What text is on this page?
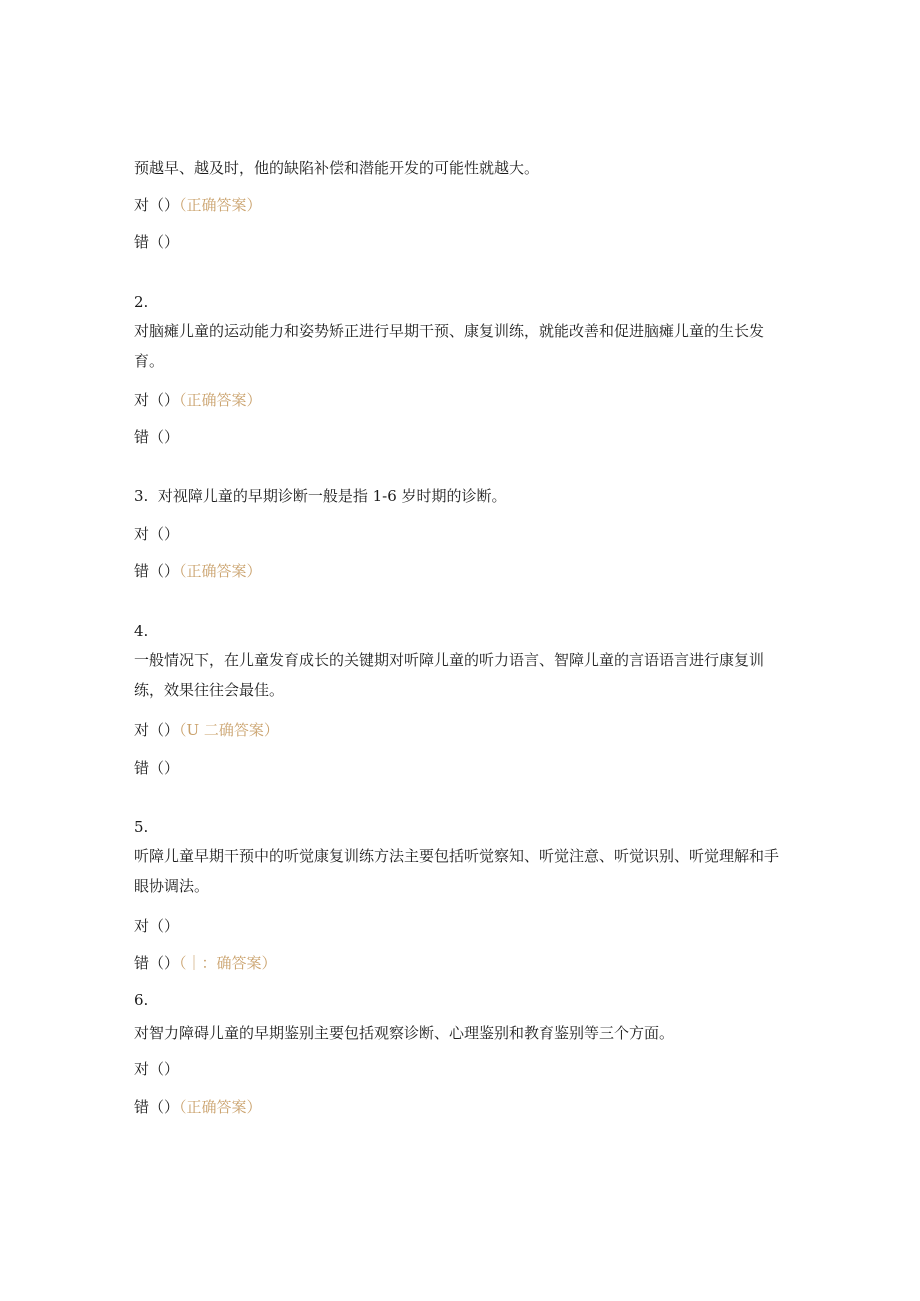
预越早、越及时，他的缺陷补偿和潜能开发的可能性就越大。
对（）（正确答案）
错（）
2.
对脑瘫儿童的运动能力和姿势矫正进行早期干预、康复训练，就能改善和促进脑瘫儿童的生长发育。
对（）（正确答案）
错（）
3. 对视障儿童的早期诊断一般是指 1-6 岁时期的诊断。
对（）
错（）（正确答案）
4.
一般情况下，在儿童发育成长的关键期对听障儿童的听力语言、智障儿童的言语语言进行康复训练，效果往往会最佳。
对（）（U 二确答案）
错（）
5.
听障儿童早期干预中的听觉康复训练方法主要包括听觉察知、听觉注意、听觉识别、听觉理解和手眼协调法。
对（）
错（）（｜：确答案）
6.
对智力障碍儿童的早期鉴别主要包括观察诊断、心理鉴别和教育鉴别等三个方面。
对（）
错（）（正确答案）
